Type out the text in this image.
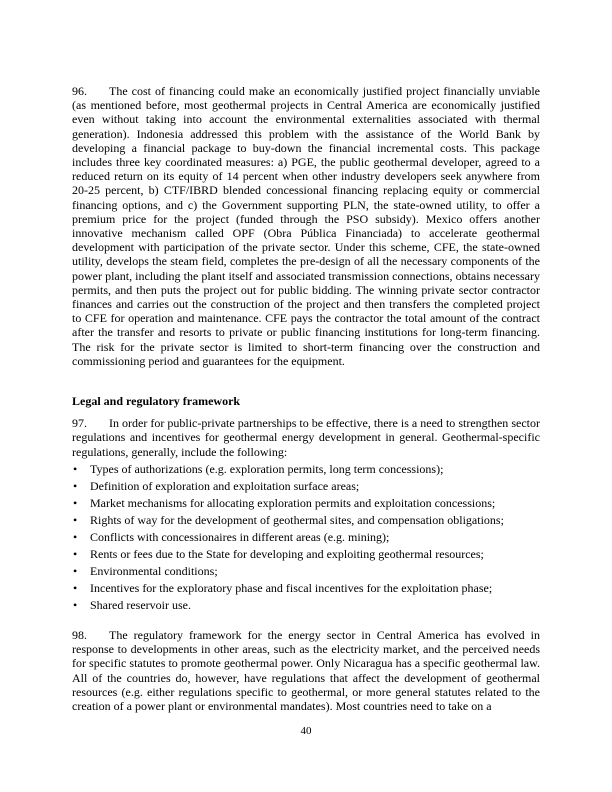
96. The cost of financing could make an economically justified project financially unviable (as mentioned before, most geothermal projects in Central America are economically justified even without taking into account the environmental externalities associated with thermal generation). Indonesia addressed this problem with the assistance of the World Bank by developing a financial package to buy-down the financial incremental costs. This package includes three key coordinated measures: a) PGE, the public geothermal developer, agreed to a reduced return on its equity of 14 percent when other industry developers seek anywhere from 20-25 percent, b) CTF/IBRD blended concessional financing replacing equity or commercial financing options, and c) the Government supporting PLN, the state-owned utility, to offer a premium price for the project (funded through the PSO subsidy). Mexico offers another innovative mechanism called OPF (Obra Pública Financiada) to accelerate geothermal development with participation of the private sector. Under this scheme, CFE, the state-owned utility, develops the steam field, completes the pre-design of all the necessary components of the power plant, including the plant itself and associated transmission connections, obtains necessary permits, and then puts the project out for public bidding. The winning private sector contractor finances and carries out the construction of the project and then transfers the completed project to CFE for operation and maintenance. CFE pays the contractor the total amount of the contract after the transfer and resorts to private or public financing institutions for long-term financing. The risk for the private sector is limited to short-term financing over the construction and commissioning period and guarantees for the equipment.

Legal and regulatory framework

97. In order for public-private partnerships to be effective, there is a need to strengthen sector regulations and incentives for geothermal energy development in general. Geothermal-specific regulations, generally, include the following:

• Types of authorizations (e.g. exploration permits, long term concessions);
• Definition of exploration and exploitation surface areas;
• Market mechanisms for allocating exploration permits and exploitation concessions;
• Rights of way for the development of geothermal sites, and compensation obligations;
• Conflicts with concessionaires in different areas (e.g. mining);
• Rents or fees due to the State for developing and exploiting geothermal resources;
• Environmental conditions;
• Incentives for the exploratory phase and fiscal incentives for the exploitation phase;
• Shared reservoir use.

98. The regulatory framework for the energy sector in Central America has evolved in response to developments in other areas, such as the electricity market, and the perceived needs for specific statutes to promote geothermal power. Only Nicaragua has a specific geothermal law. All of the countries do, however, have regulations that affect the development of geothermal resources (e.g. either regulations specific to geothermal, or more general statutes related to the creation of a power plant or environmental mandates). Most countries need to take on a

40
